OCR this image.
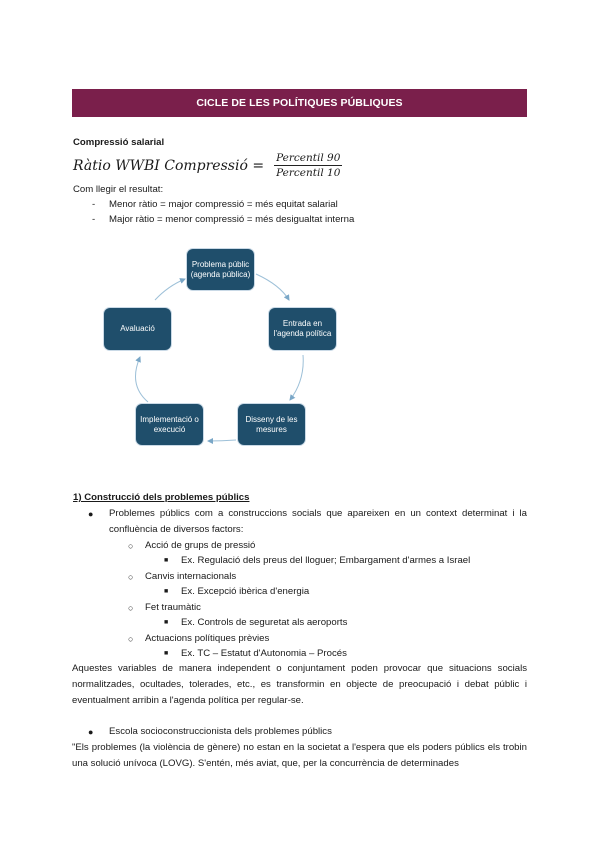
CICLE DE LES POLÍTIQUES PÚBLIQUES
Compressió salarial
Ràtio WWBI Compressió = $\frac{\text{Percentil 90}}{\text{Percentil 10}}$
Com llegir el resultat:
- Menor ràtio = major compressió = més equitat salarial
- Major ràtio = menor compressió = més desigualtat interna
Problema públic (agenda pública)
Entrada en l'agenda política
Disseny de les mesures
Implementació o execució
Avaluació
1) Construcció dels problemes públics
● Problemes públics com a construccions socials que apareixen en un context determinat i la
confluència de diversos factors:
○ Acció de grups de pressió
■ Ex. Regulació dels preus del lloguer; Embargament d'armes a Israel
○ Canvis internacionals
■ Ex. Excepció ibèrica d'energia
○ Fet traumàtic
■ Ex. Controls de seguretat als aeroports
○ Actuacions polítiques prèvies
■ Ex. TC – Estatut d'Autonomia – Procés
Aquestes variables de manera independent o conjuntament poden provocar que situacions socials normalitzades, ocultades, tolerades, etc., es transformin en objecte de preocupació i debat públic i eventualment arribin a l'agenda política per regular-se.
● Escola socioconstruccionista dels problemes públics
"Els problemes (la violència de gènere) no estan en la societat a l'espera que els poders públics els trobin una solució unívoca (LOVG). S'entén, més aviat, que, per la concurrència de determinades
